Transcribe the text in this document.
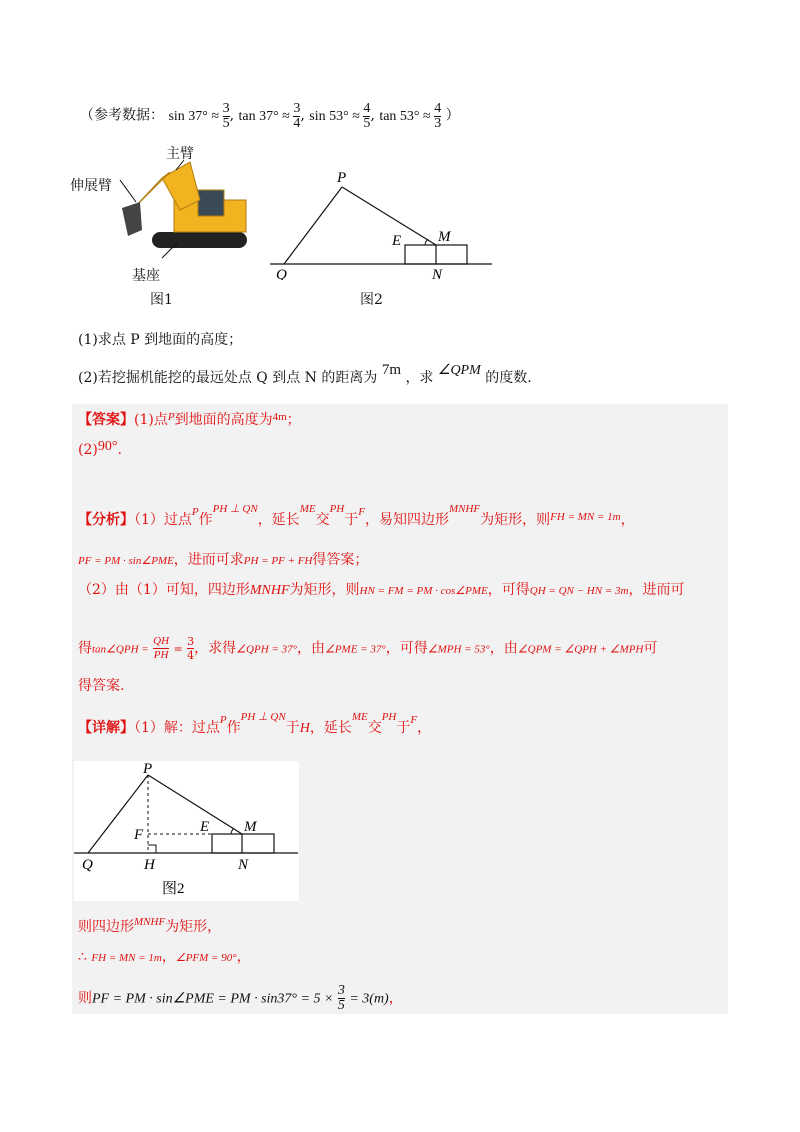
（参考数据： $\sin 37^\circ \approx \frac{3}{5}$ , $\tan 37^\circ \approx \frac{3}{4}$ , $\sin 53^\circ \approx \frac{4}{5}$ , $\tan 53^\circ \approx \frac{4}{3}$ ）
主臂
伸展臂
基座
图1
P
Q
E M
N
图2
(1)求点 P 到地面的高度；
(2)若挖掘机能挖的最远处点 Q 到点 N 的距离为 7m ，求 ∠QPM 的度数.
【答案】(1)点$^P$到地面的高度为$^{4m}$；
(2)90°.
【分析】（1）过点$^P$作$^{PH \perp QN}$，延长$^{ME}$交$^{PH}$于$^F$，易知四边形$^{MNHF}$为矩形，则$^{FH = MN = 1m}$，
PF = PM · sin∠PME，进而可求PH = PF + FH得答案；
（2）由（1）可知，四边形MNHF为矩形，则HN = FM = PM · cos∠PME，可得QH = QN − HN = 3m，进而可
得tan∠QPH = $\frac{QH}{PH} = \frac{3}{4}$ ，求得∠QPH = 37°，由∠PME = 37°，可得∠MPH = 53°，由∠QPM = ∠QPH + ∠MPH可
得答案.
【详解】（1）解：过点$^P$作$^{PH \perp QN}$于H，延长$^{ME}$交$^{PH}$于$^F$，
P
Q
F
H
E M
N
图2
则四边形$^{MNHF}$为矩形，
∴ FH = MN = 1m，∠PFM = 90°，
则PF = PM · sin∠PME = PM · $\sin 37^\circ = 5 \times \frac{3}{5} = 3(m)$，
